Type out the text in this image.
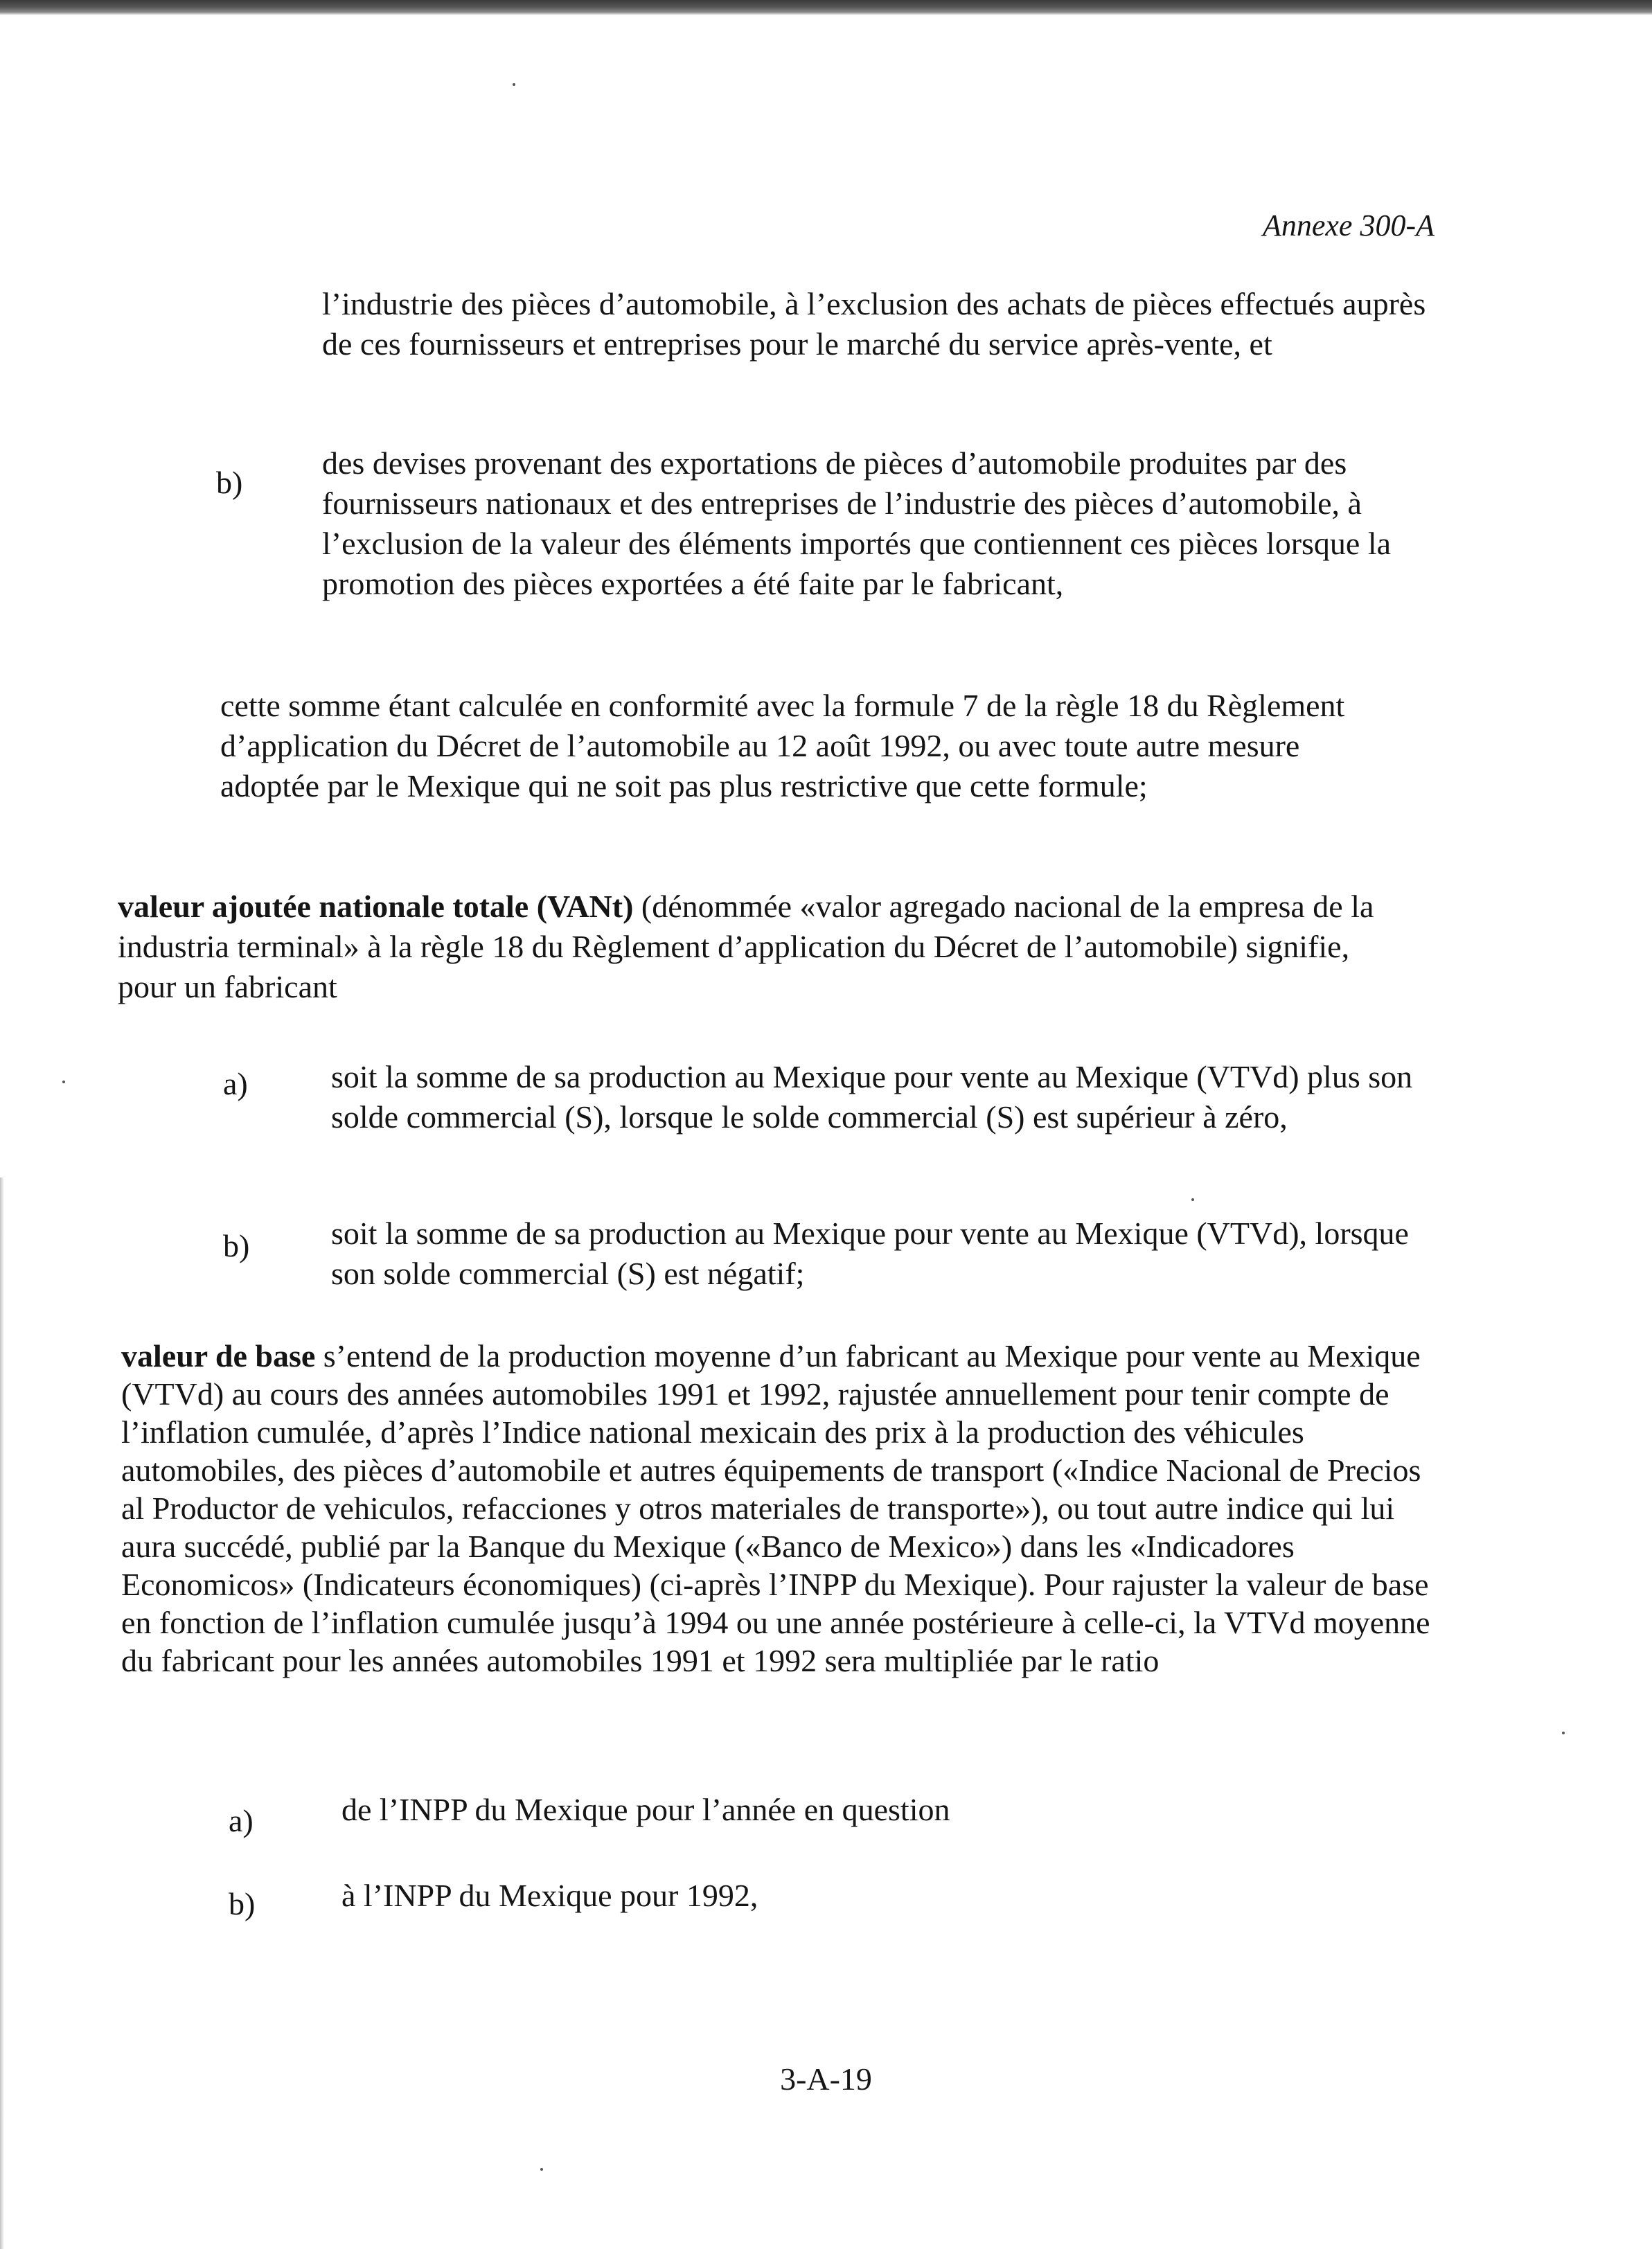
Annexe 300-A

l’industrie des pièces d’automobile, à l’exclusion des achats de pièces effectués auprès de ces fournisseurs et entreprises pour le marché du service après-vente, et

b)

des devises provenant des exportations de pièces d’automobile produites par des fournisseurs nationaux et des entreprises de l’industrie des pièces d’automobile, à l’exclusion de la valeur des éléments importés que contiennent ces pièces lorsque la promotion des pièces exportées a été faite par le fabricant,

cette somme étant calculée en conformité avec la formule 7 de la règle 18 du Règlement d’application du Décret de l’automobile au 12 août 1992, ou avec toute autre mesure adoptée par le Mexique qui ne soit pas plus restrictive que cette formule;

valeur ajoutée nationale totale (VANt) (dénommée «valor agregado nacional de la empresa de la industria terminal» à la règle 18 du Règlement d’application du Décret de l’automobile) signifie, pour un fabricant

a)	soit la somme de sa production au Mexique pour vente au Mexique (VTVd) plus son solde commercial (S), lorsque le solde commercial (S) est supérieur à zéro,

b)	soit la somme de sa production au Mexique pour vente au Mexique (VTVd), lorsque son solde commercial (S) est négatif;

valeur de base s’entend de la production moyenne d’un fabricant au Mexique pour vente au Mexique (VTVd) au cours des années automobiles 1991 et 1992, rajustée annuellement pour tenir compte de l’inflation cumulée, d’après l’Indice national mexicain des prix à la production des véhicules automobiles, des pièces d’automobile et autres équipements de transport («Indice Nacional de Precios al Productor de vehiculos, refacciones y otros materiales de transporte»), ou tout autre indice qui lui aura succédé, publié par la Banque du Mexique («Banco de Mexico») dans les «Indicadores Economicos» (Indicateurs économiques) (ci-après l’INPP du Mexique). Pour rajuster la valeur de base en fonction de l’inflation cumulée jusqu’à 1994 ou une année postérieure à celle-ci, la VTVd moyenne du fabricant pour les années automobiles 1991 et 1992 sera multipliée par le ratio

a)	de l’INPP du Mexique pour l’année en question

b)	à l’INPP du Mexique pour 1992,

3-A-19
